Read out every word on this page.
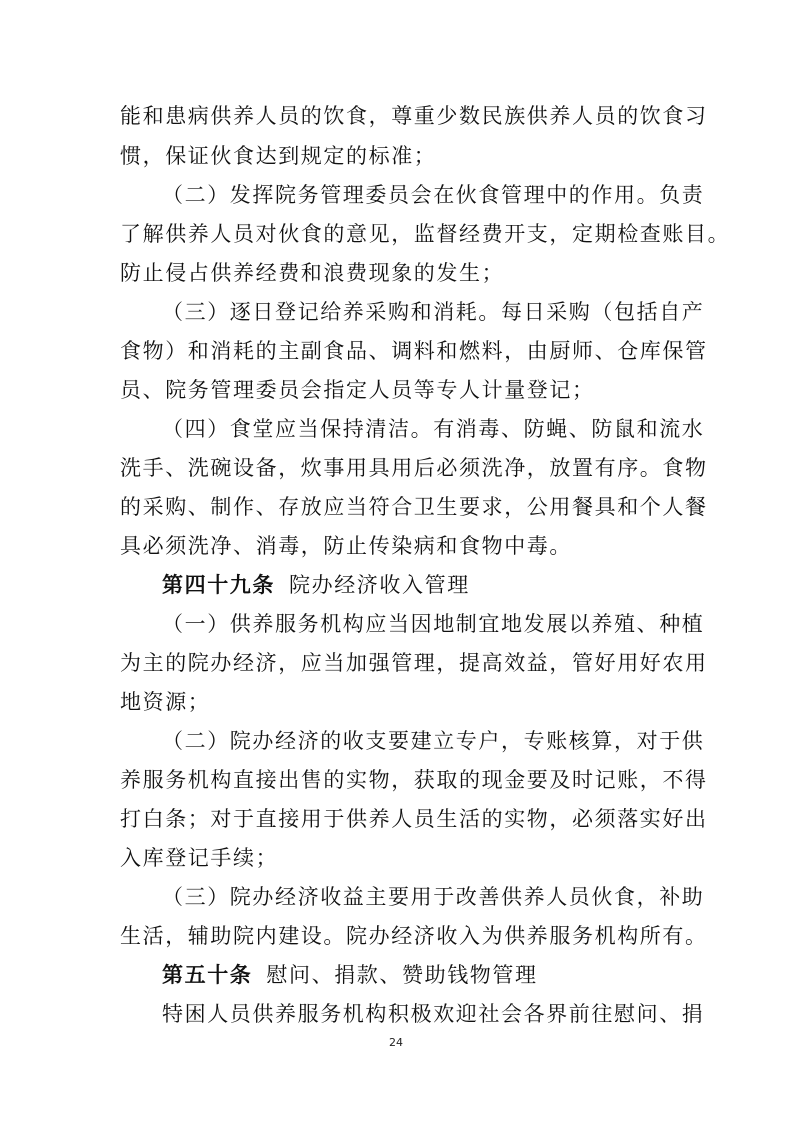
能和患病供养人员的饮食，尊重少数民族供养人员的饮食习
惯，保证伙食达到规定的标准；
（二）发挥院务管理委员会在伙食管理中的作用。负责
了解供养人员对伙食的意见，监督经费开支，定期检查账目。
防止侵占供养经费和浪费现象的发生；
（三）逐日登记给养采购和消耗。每日采购（包括自产
食物）和消耗的主副食品、调料和燃料，由厨师、仓库保管
员、院务管理委员会指定人员等专人计量登记；
（四）食堂应当保持清洁。有消毒、防蝇、防鼠和流水
洗手、洗碗设备，炊事用具用后必须洗净，放置有序。食物
的采购、制作、存放应当符合卫生要求，公用餐具和个人餐
具必须洗净、消毒，防止传染病和食物中毒。
第四十九条 院办经济收入管理
（一）供养服务机构应当因地制宜地发展以养殖、种植
为主的院办经济，应当加强管理，提高效益，管好用好农用
地资源；
（二）院办经济的收支要建立专户，专账核算，对于供
养服务机构直接出售的实物，获取的现金要及时记账，不得
打白条；对于直接用于供养人员生活的实物，必须落实好出
入库登记手续；
（三）院办经济收益主要用于改善供养人员伙食，补助
生活，辅助院内建设。院办经济收入为供养服务机构所有。
第五十条 慰问、捐款、赞助钱物管理
特困人员供养服务机构积极欢迎社会各界前往慰问、捐
24
